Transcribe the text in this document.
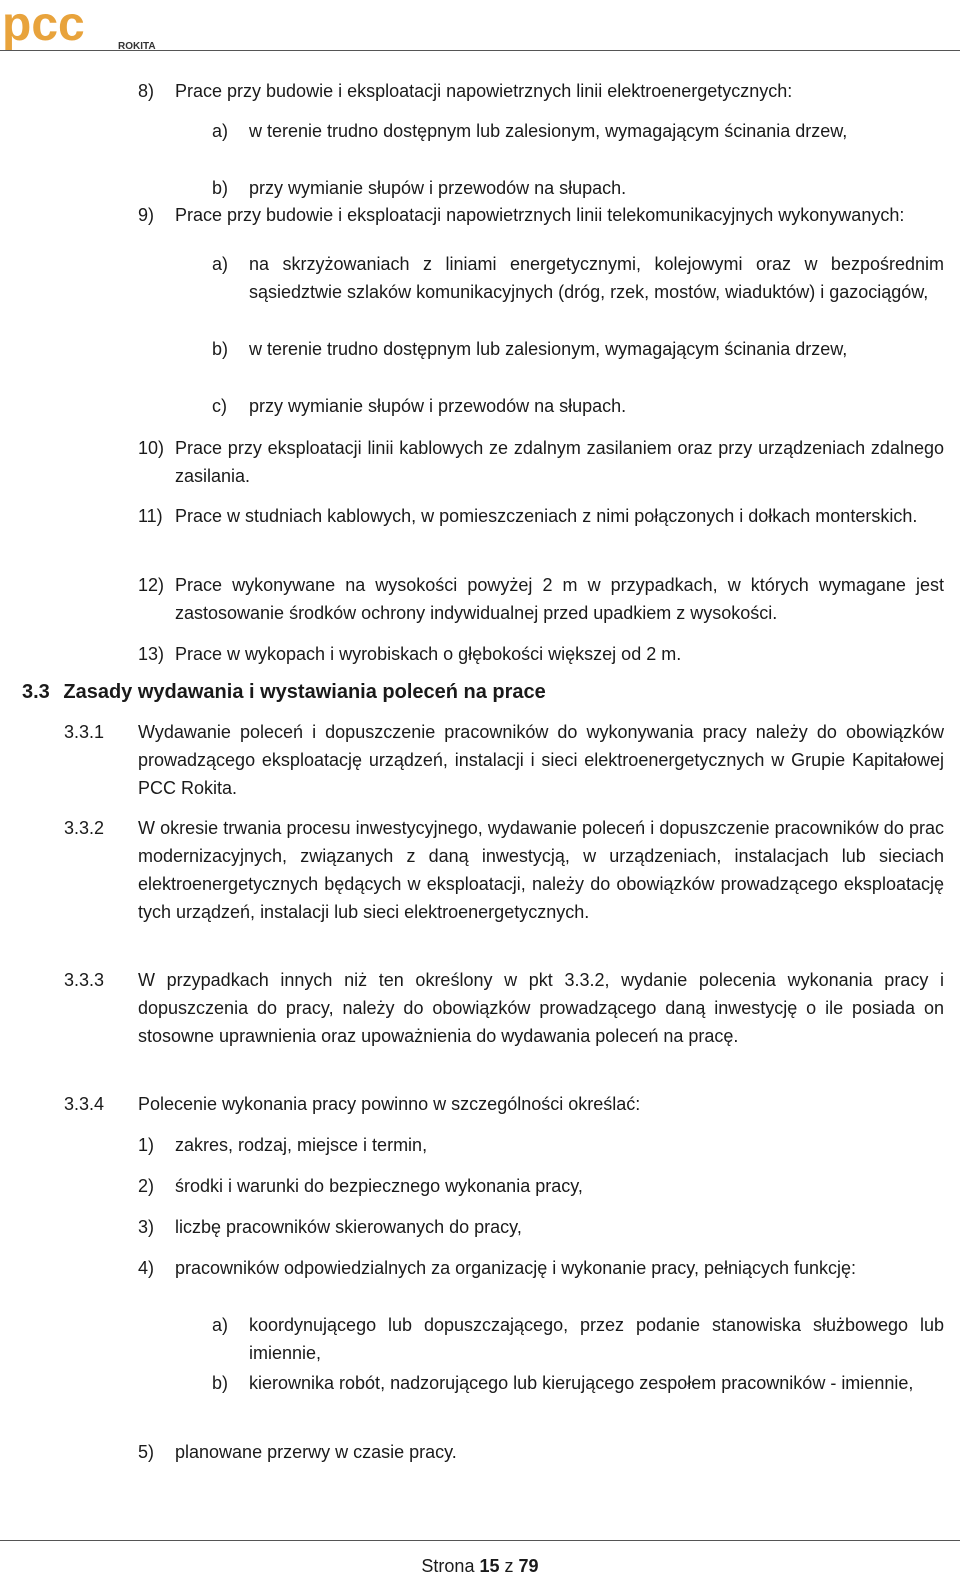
pcc	ROKITA
8) Prace przy budowie i eksploatacji napowietrznych linii elektroenergetycznych:
a) w terenie trudno dostępnym lub zalesionym, wymagającym ścinania drzew,
b) przy wymianie słupów i przewodów na słupach.
9) Prace przy budowie i eksploatacji napowietrznych linii telekomunikacyjnych wykonywanych:
a) na skrzyżowaniach z liniami energetycznymi, kolejowymi oraz w bezpośrednim sąsiedztwie szlaków komunikacyjnych (dróg, rzek, mostów, wiaduktów) i gazociągów,
b) w terenie trudno dostępnym lub zalesionym, wymagającym ścinania drzew,
c) przy wymianie słupów i przewodów na słupach.
10) Prace przy eksploatacji linii kablowych ze zdalnym zasilaniem oraz przy urządzeniach zdalnego zasilania.
11) Prace w studniach kablowych, w pomieszczeniach z nimi połączonych i dołkach monterskich.
12) Prace wykonywane na wysokości powyżej 2 m w przypadkach, w których wymagane jest zastosowanie środków ochrony indywidualnej przed upadkiem z wysokości.
13) Prace w wykopach i wyrobiskach o głębokości większej od 2 m.
3.3 Zasady wydawania i wystawiania poleceń na prace
3.3.1 Wydawanie poleceń i dopuszczenie pracowników do wykonywania pracy należy do obowiązków prowadzącego eksploatację urządzeń, instalacji i sieci elektroenergetycznych w Grupie Kapitałowej PCC Rokita.
3.3.2 W okresie trwania procesu inwestycyjnego, wydawanie poleceń i dopuszczenie pracowników do prac modernizacyjnych, związanych z daną inwestycją, w urządzeniach, instalacjach lub sieciach elektroenergetycznych będących w eksploatacji, należy do obowiązków prowadzącego eksploatację tych urządzeń, instalacji lub sieci elektroenergetycznych.
3.3.3 W przypadkach innych niż ten określony w pkt 3.3.2, wydanie polecenia wykonania pracy i dopuszczenia do pracy, należy do obowiązków prowadzącego daną inwestycję o ile posiada on stosowne uprawnienia oraz upoważnienia do wydawania poleceń na pracę.
3.3.4 Polecenie wykonania pracy powinno w szczególności określać:
1) zakres, rodzaj, miejsce i termin,
2) środki i warunki do bezpiecznego wykonania pracy,
3) liczbę pracowników skierowanych do pracy,
4) pracowników odpowiedzialnych za organizację i wykonanie pracy, pełniących funkcję:
a) koordynującego lub dopuszczającego, przez podanie stanowiska służbowego lub imiennie,
b) kierownika robót, nadzorującego lub kierującego zespołem pracowników - imiennie,
5) planowane przerwy w czasie pracy.
Strona 15 z 79
